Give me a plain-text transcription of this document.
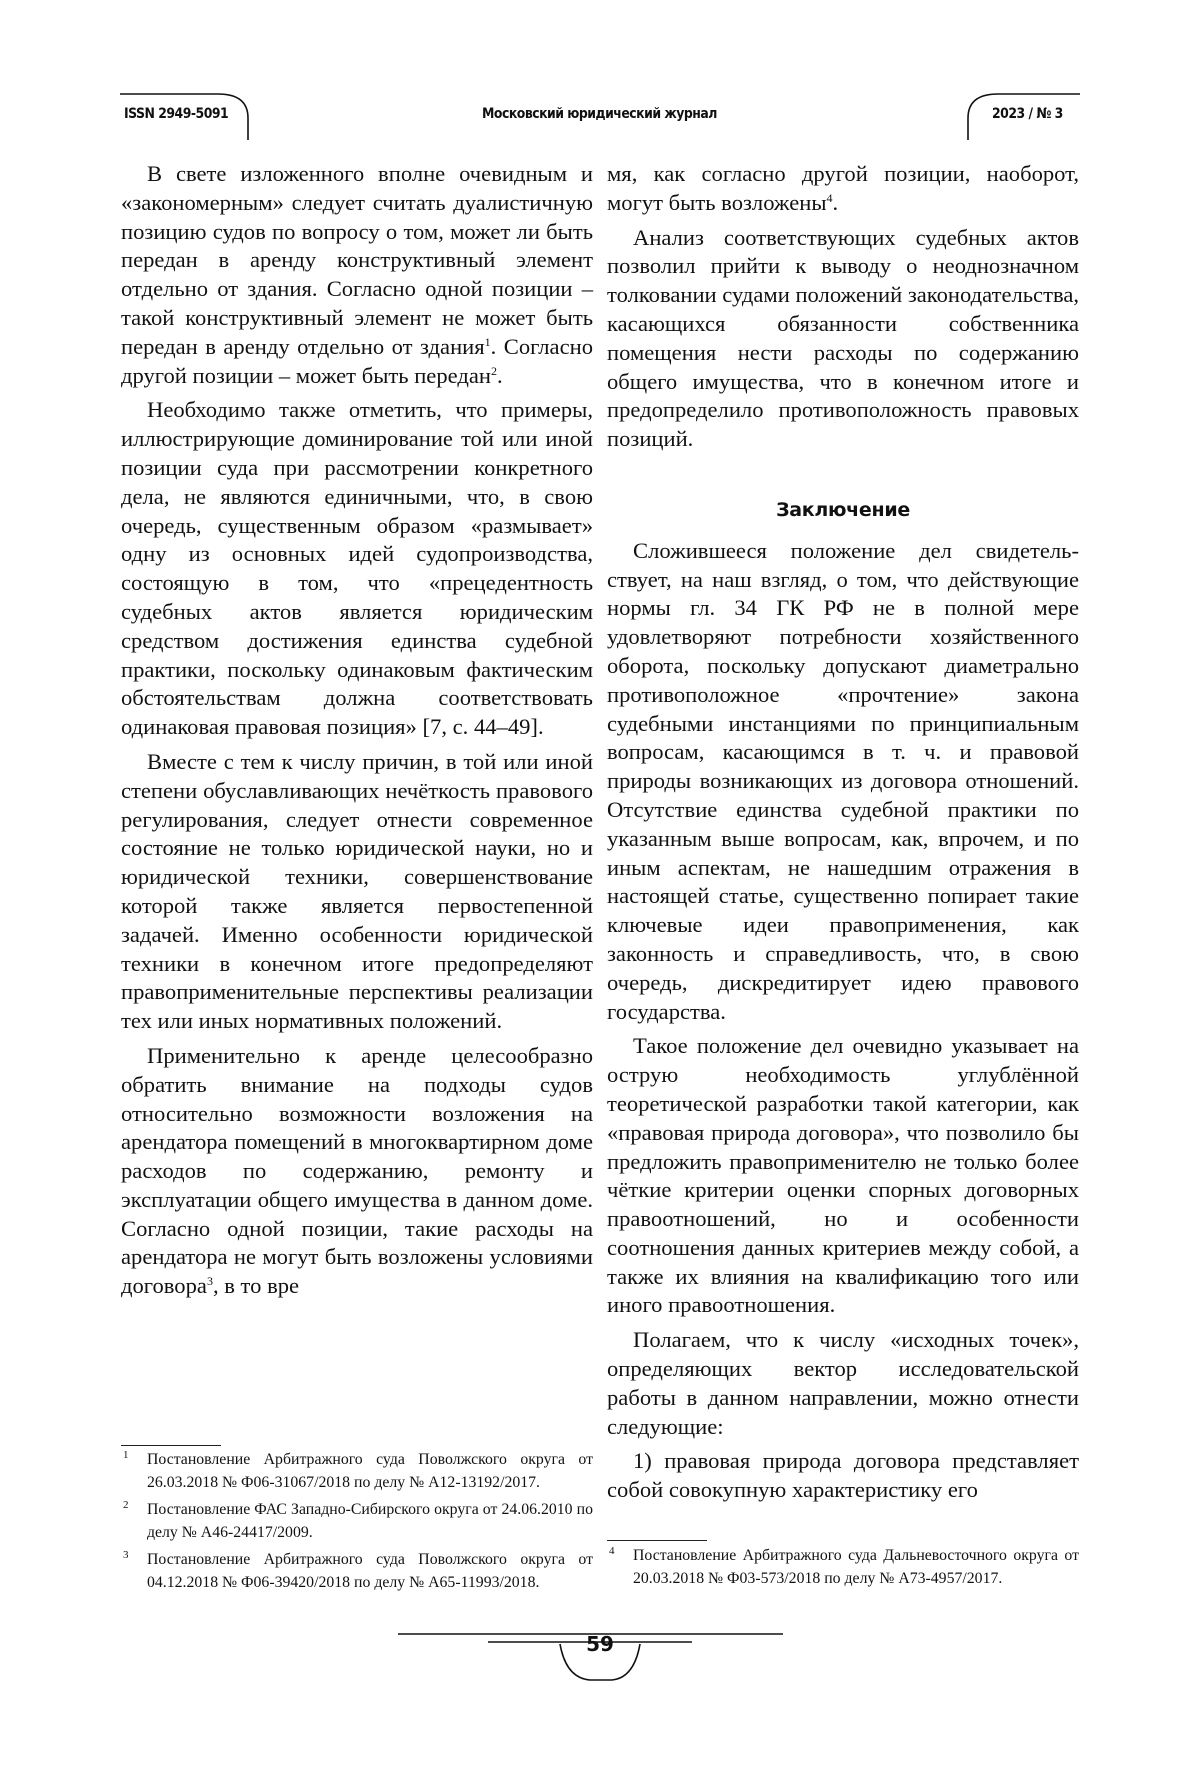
ISSN 2949-5091	Московский юридический журнал	2023 / № 3

В свете изложенного вполне очевидным и «закономерным» следует считать дуалистичную позицию судов по вопросу о том, может ли быть передан в аренду конструктивный элемент отдельно от здания. Согласно одной позиции – такой конструктивный элемент не может быть передан в аренду отдельно от здания$^1$. Согласно другой позиции – может быть передан$^2$.

Необходимо также отметить, что примеры, иллюстрирующие доминирование той или иной позиции суда при рассмотрении конкретного дела, не являются единичными, что, в свою очередь, существенным образом «размывает» одну из основных идей судопроизводства, состоящую в том, что «прецедентность судебных актов является юридическим средством достижения единства судебной практики, поскольку одинаковым фактическим обстоятельствам должна соответствовать одинаковая правовая позиция» [7, с. 44–49].

Вместе с тем к числу причин, в той или иной степени обуславливающих нечёткость правового регулирования, следует отнести современное состояние не только юридической науки, но и юридической техники, совершенствование которой также является первостепенной задачей. Именно особенности юридической техники в конечном итоге предопределяют правоприменительные перспективы реализации тех или иных нормативных положений.

Применительно к аренде целесообразно обратить внимание на подходы судов относительно возможности возложения на арендатора помещений в многоквартирном доме расходов по содержанию, ремонту и эксплуатации общего имущества в данном доме. Согласно одной позиции, такие расходы на арендатора не могут быть возложены условиями договора$^3$, в то вре

1 Постановление Арбитражного суда Поволжского округа от 26.03.2018 № Ф06-31067/2018 по делу № А12-13192/2017.
2 Постановление ФАС Западно-Сибирского округа от 24.06.2010 по делу № А46-24417/2009.
3 Постановление Арбитражного суда Поволжского округа от 04.12.2018 № Ф06-39420/2018 по делу № А65-11993/2018.

мя, как согласно другой позиции, наоборот, могут быть возложены$^4$.

Анализ соответствующих судебных актов позволил прийти к выводу о неоднозначном толковании судами положений законодательства, касающихся обязанности собственника помещения нести расходы по содержанию общего имущества, что в конечном итоге и предопределило противоположность правовых позиций.

Заключение

Сложившееся положение дел свидетельствует, на наш взгляд, о том, что действующие нормы гл. 34 ГК РФ не в полной мере удовлетворяют потребности хозяйственного оборота, поскольку допускают диаметрально противоположное «прочтение» закона судебными инстанциями по принципиальным вопросам, касающимся в т. ч. и правовой природы возникающих из договора отношений. Отсутствие единства судебной практики по указанным выше вопросам, как, впрочем, и по иным аспектам, не нашедшим отражения в настоящей статье, существенно попирает такие ключевые идеи правоприменения, как законность и справедливость, что, в свою очередь, дискредитирует идею правового государства.

Такое положение дел очевидно указывает на острую необходимость углублённой теоретической разработки такой категории, как «правовая природа договора», что позволило бы предложить правоприменителю не только более чёткие критерии оценки спорных договорных правоотношений, но и особенности соотношения данных критериев между собой, а также их влияния на квалификацию того или иного правоотношения.

Полагаем, что к числу «исходных точек», определяющих вектор исследовательской работы в данном направлении, можно отнести следующие:

1) правовая природа договора представляет собой совокупную характеристику его

4 Постановление Арбитражного суда Дальневосточного округа от 20.03.2018 № Ф03-573/2018 по делу № А73-4957/2017.
59
